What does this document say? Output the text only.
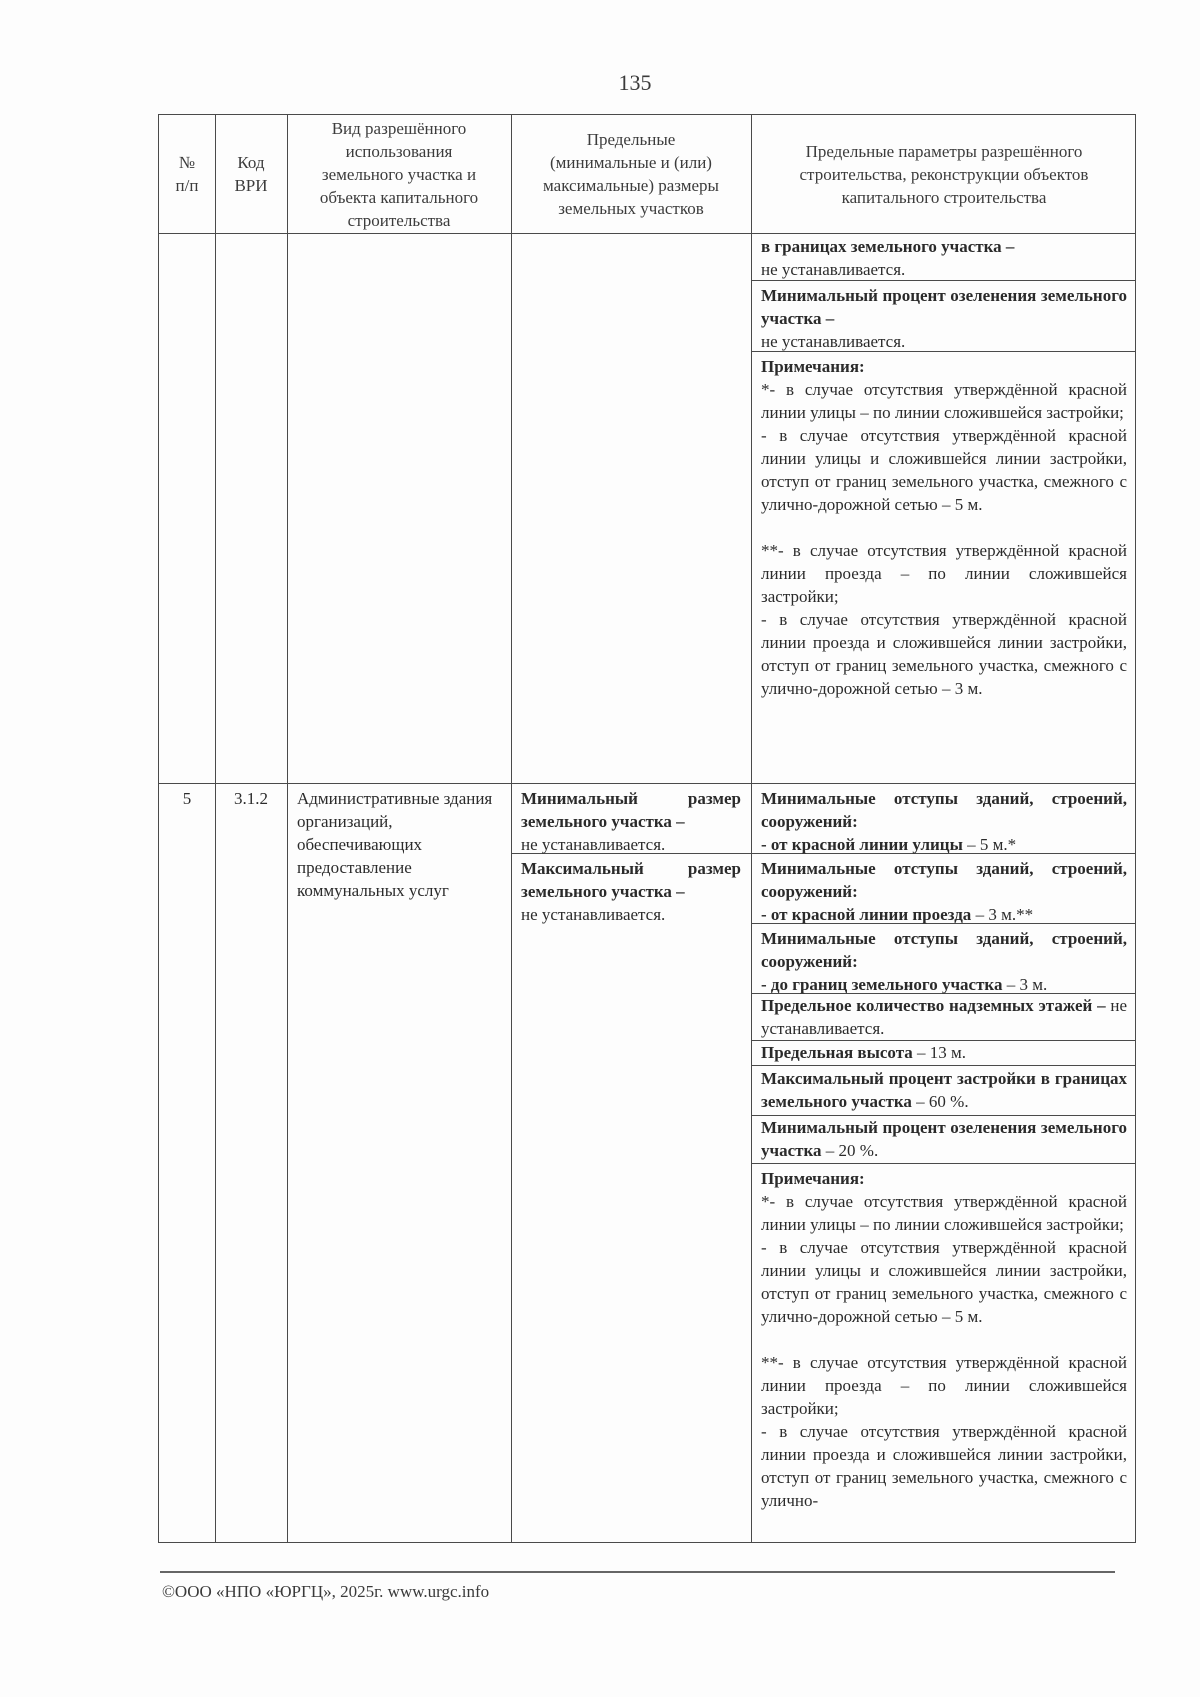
135
№
п/п
Код
ВРИ
Вид разрешённого
использования
земельного участка и
объекта капитального
строительства
Предельные
(минимальные и (или)
максимальные) размеры
земельных участков
Предельные параметры разрешённого
строительства, реконструкции объектов
капитального строительства
в границах земельного участка –
не устанавливается.
Минимальный процент озеленения земельного участка –
не устанавливается.
Примечания:
*- в случае отсутствия утверждённой красной линии улицы – по линии сложившейся застройки;
- в случае отсутствия утверждённой красной линии улицы и сложившейся линии застройки, отступ от границ земельного участка, смежного с улично-дорожной сетью – 5 м.
**- в случае отсутствия утверждённой красной линии проезда – по линии сложившейся застройки;
- в случае отсутствия утверждённой красной линии проезда и сложившейся линии застройки, отступ от границ земельного участка, смежного с улично-дорожной сетью – 3 м.
5	3.1.2	Административные здания организаций, обеспечивающих предоставление коммунальных услуг
Минимальный размер земельного участка –
не устанавливается.
Максимальный размер земельного участка –
не устанавливается.
Минимальные отступы зданий, строений, сооружений:
- от красной линии улицы – 5 м.*
Минимальные отступы зданий, строений, сооружений:
- от красной линии проезда – 3 м.**
Минимальные отступы зданий, строений, сооружений:
- до границ земельного участка – 3 м.
Предельное количество надземных этажей – не устанавливается.
Предельная высота – 13 м.
Максимальный процент застройки в границах земельного участка – 60 %.
Минимальный процент озеленения земельного участка – 20 %.
Примечания:
*- в случае отсутствия утверждённой красной линии улицы – по линии сложившейся застройки;
- в случае отсутствия утверждённой красной линии улицы и сложившейся линии застройки, отступ от границ земельного участка, смежного с улично-дорожной сетью – 5 м.
**- в случае отсутствия утверждённой красной линии проезда – по линии сложившейся застройки;
- в случае отсутствия утверждённой красной линии проезда и сложившейся линии застройки, отступ от границ земельного участка, смежного с улично-
©ООО «НПО «ЮРГЦ», 2025г. www.urgc.info
